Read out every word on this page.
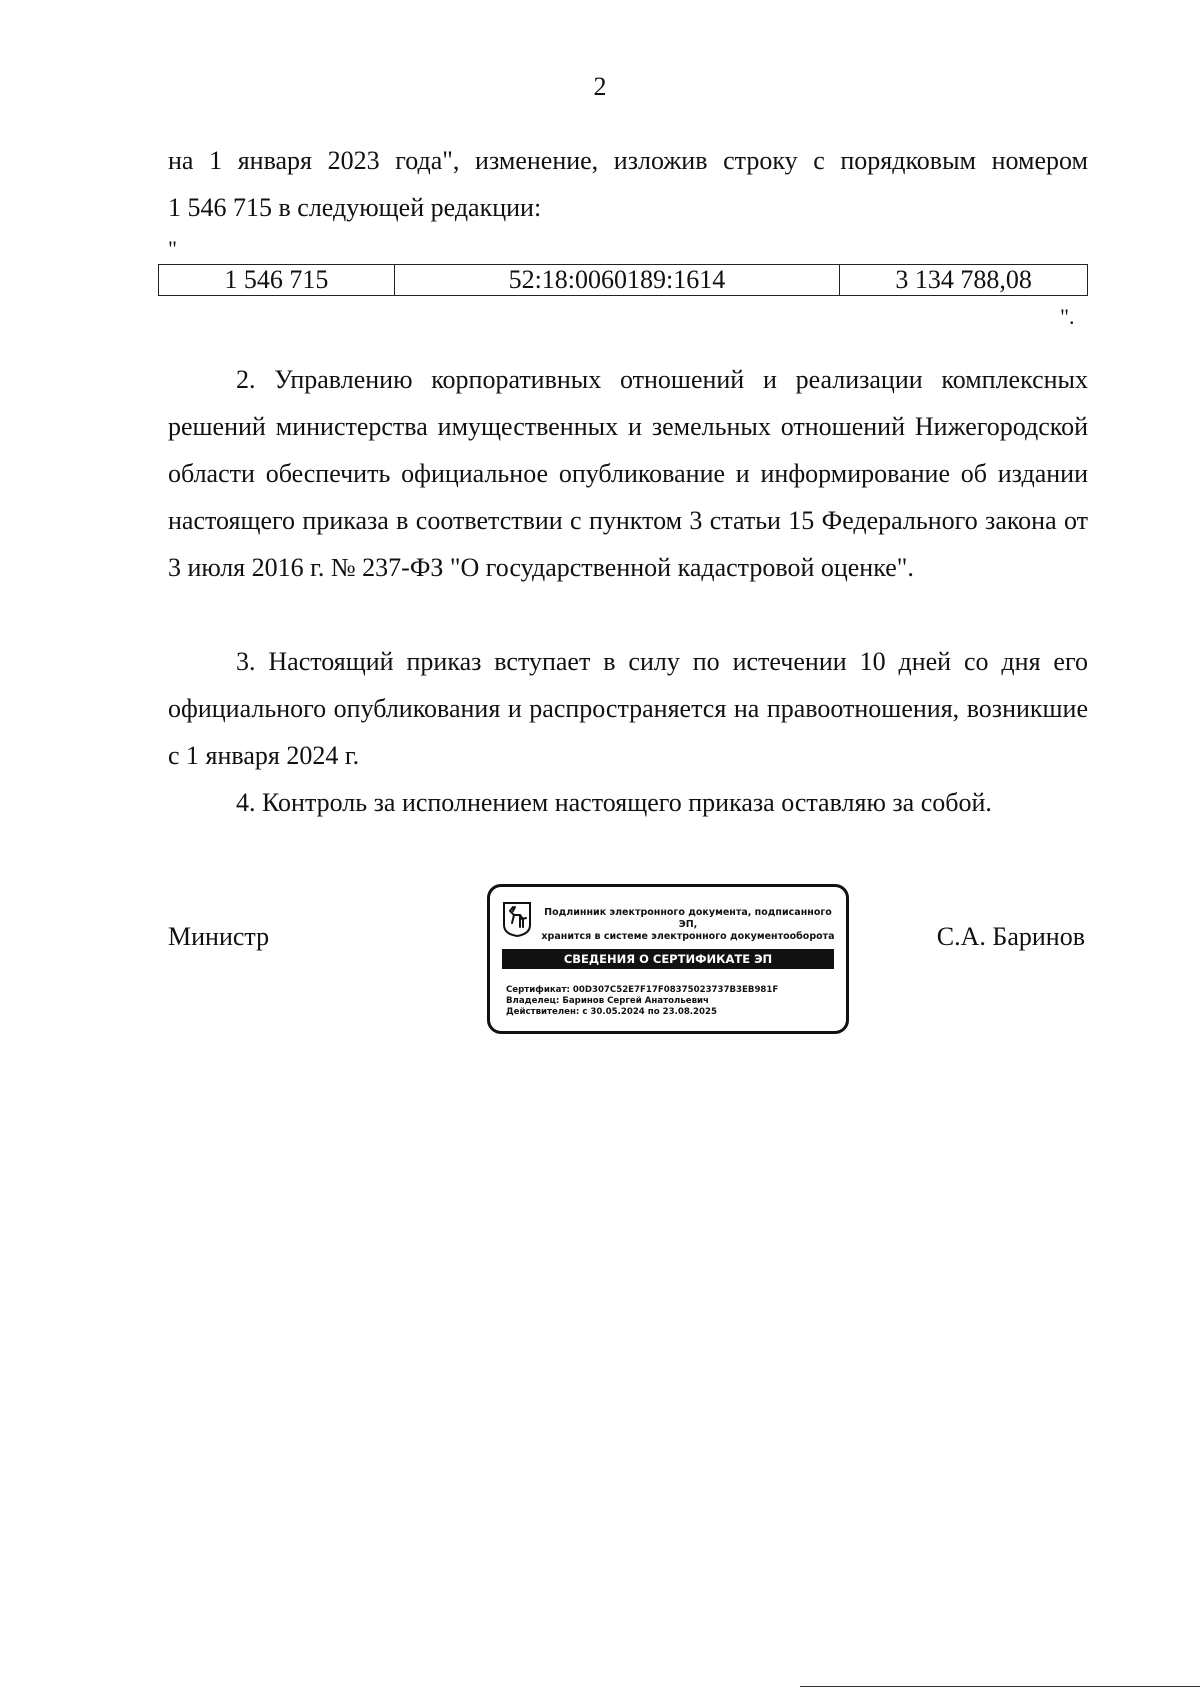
2

на 1 января 2023 года", изменение, изложив строку с порядковым номером

1 546 715 в следующей редакции:

"
1 546 715	52:18:0060189:1614	3 134 788,08
".

2. Управлению корпоративных отношений и реализации комплексных решений министерства имущественных и земельных отношений Нижегородской области обеспечить официальное опубликование и информирование об издании настоящего приказа в соответствии с пунктом 3 статьи 15 Федерального закона от 3 июля 2016 г. № 237-ФЗ "О государственной кадастровой оценке".

3. Настоящий приказ вступает в силу по истечении 10 дней со дня его официального опубликования и распространяется на правоотношения, возникшие с 1 января 2024 г.

4. Контроль за исполнением настоящего приказа оставляю за собой.

Министр
Подлинник электронного документа, подписанного ЭП,
хранится в системе электронного документооборота
СВЕДЕНИЯ О СЕРТИФИКАТЕ ЭП
Сертификат: 00D307C52E7F17F08375023737B3EB981F
Владелец: Баринов Сергей Анатольевич
Действителен: с 30.05.2024 по 23.08.2025
С.А. Баринов
